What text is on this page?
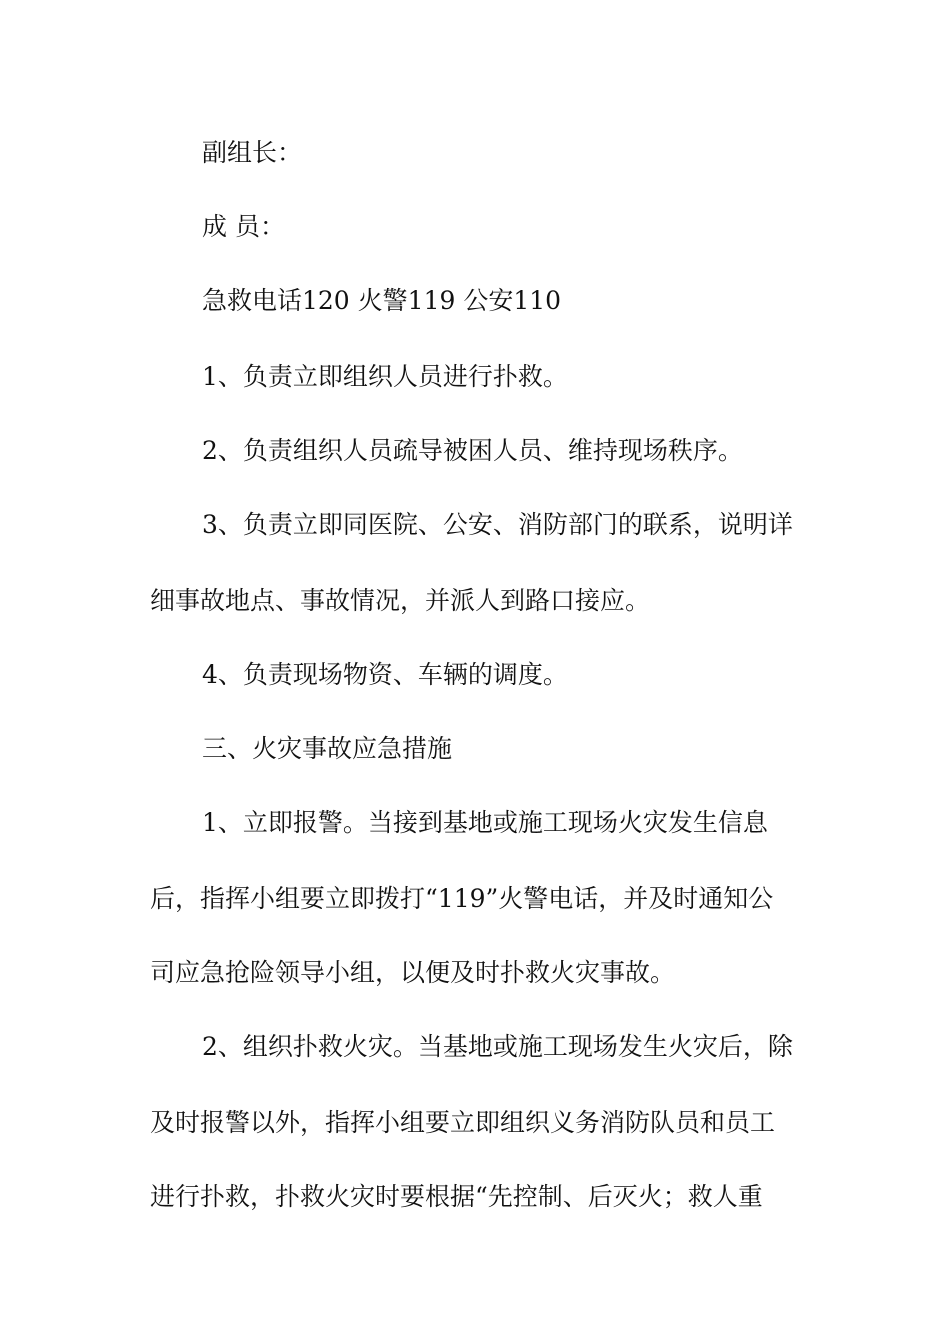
副组长：

成 员：

急救电话120 火警119 公安110

1、负责立即组织人员进行扑救。

2、负责组织人员疏导被困人员、维持现场秩序。

3、负责立即同医院、公安、消防部门的联系，说明详

细事故地点、事故情况，并派人到路口接应。

4、负责现场物资、车辆的调度。

三、火灾事故应急措施

1、立即报警。当接到基地或施工现场火灾发生信息

后，指挥小组要立即拨打“119”火警电话，并及时通知公

司应急抢险领导小组，以便及时扑救火灾事故。

2、组织扑救火灾。当基地或施工现场发生火灾后，除

及时报警以外，指挥小组要立即组织义务消防队员和员工

进行扑救，扑救火灾时要根据“先控制、后灭火；救人重
